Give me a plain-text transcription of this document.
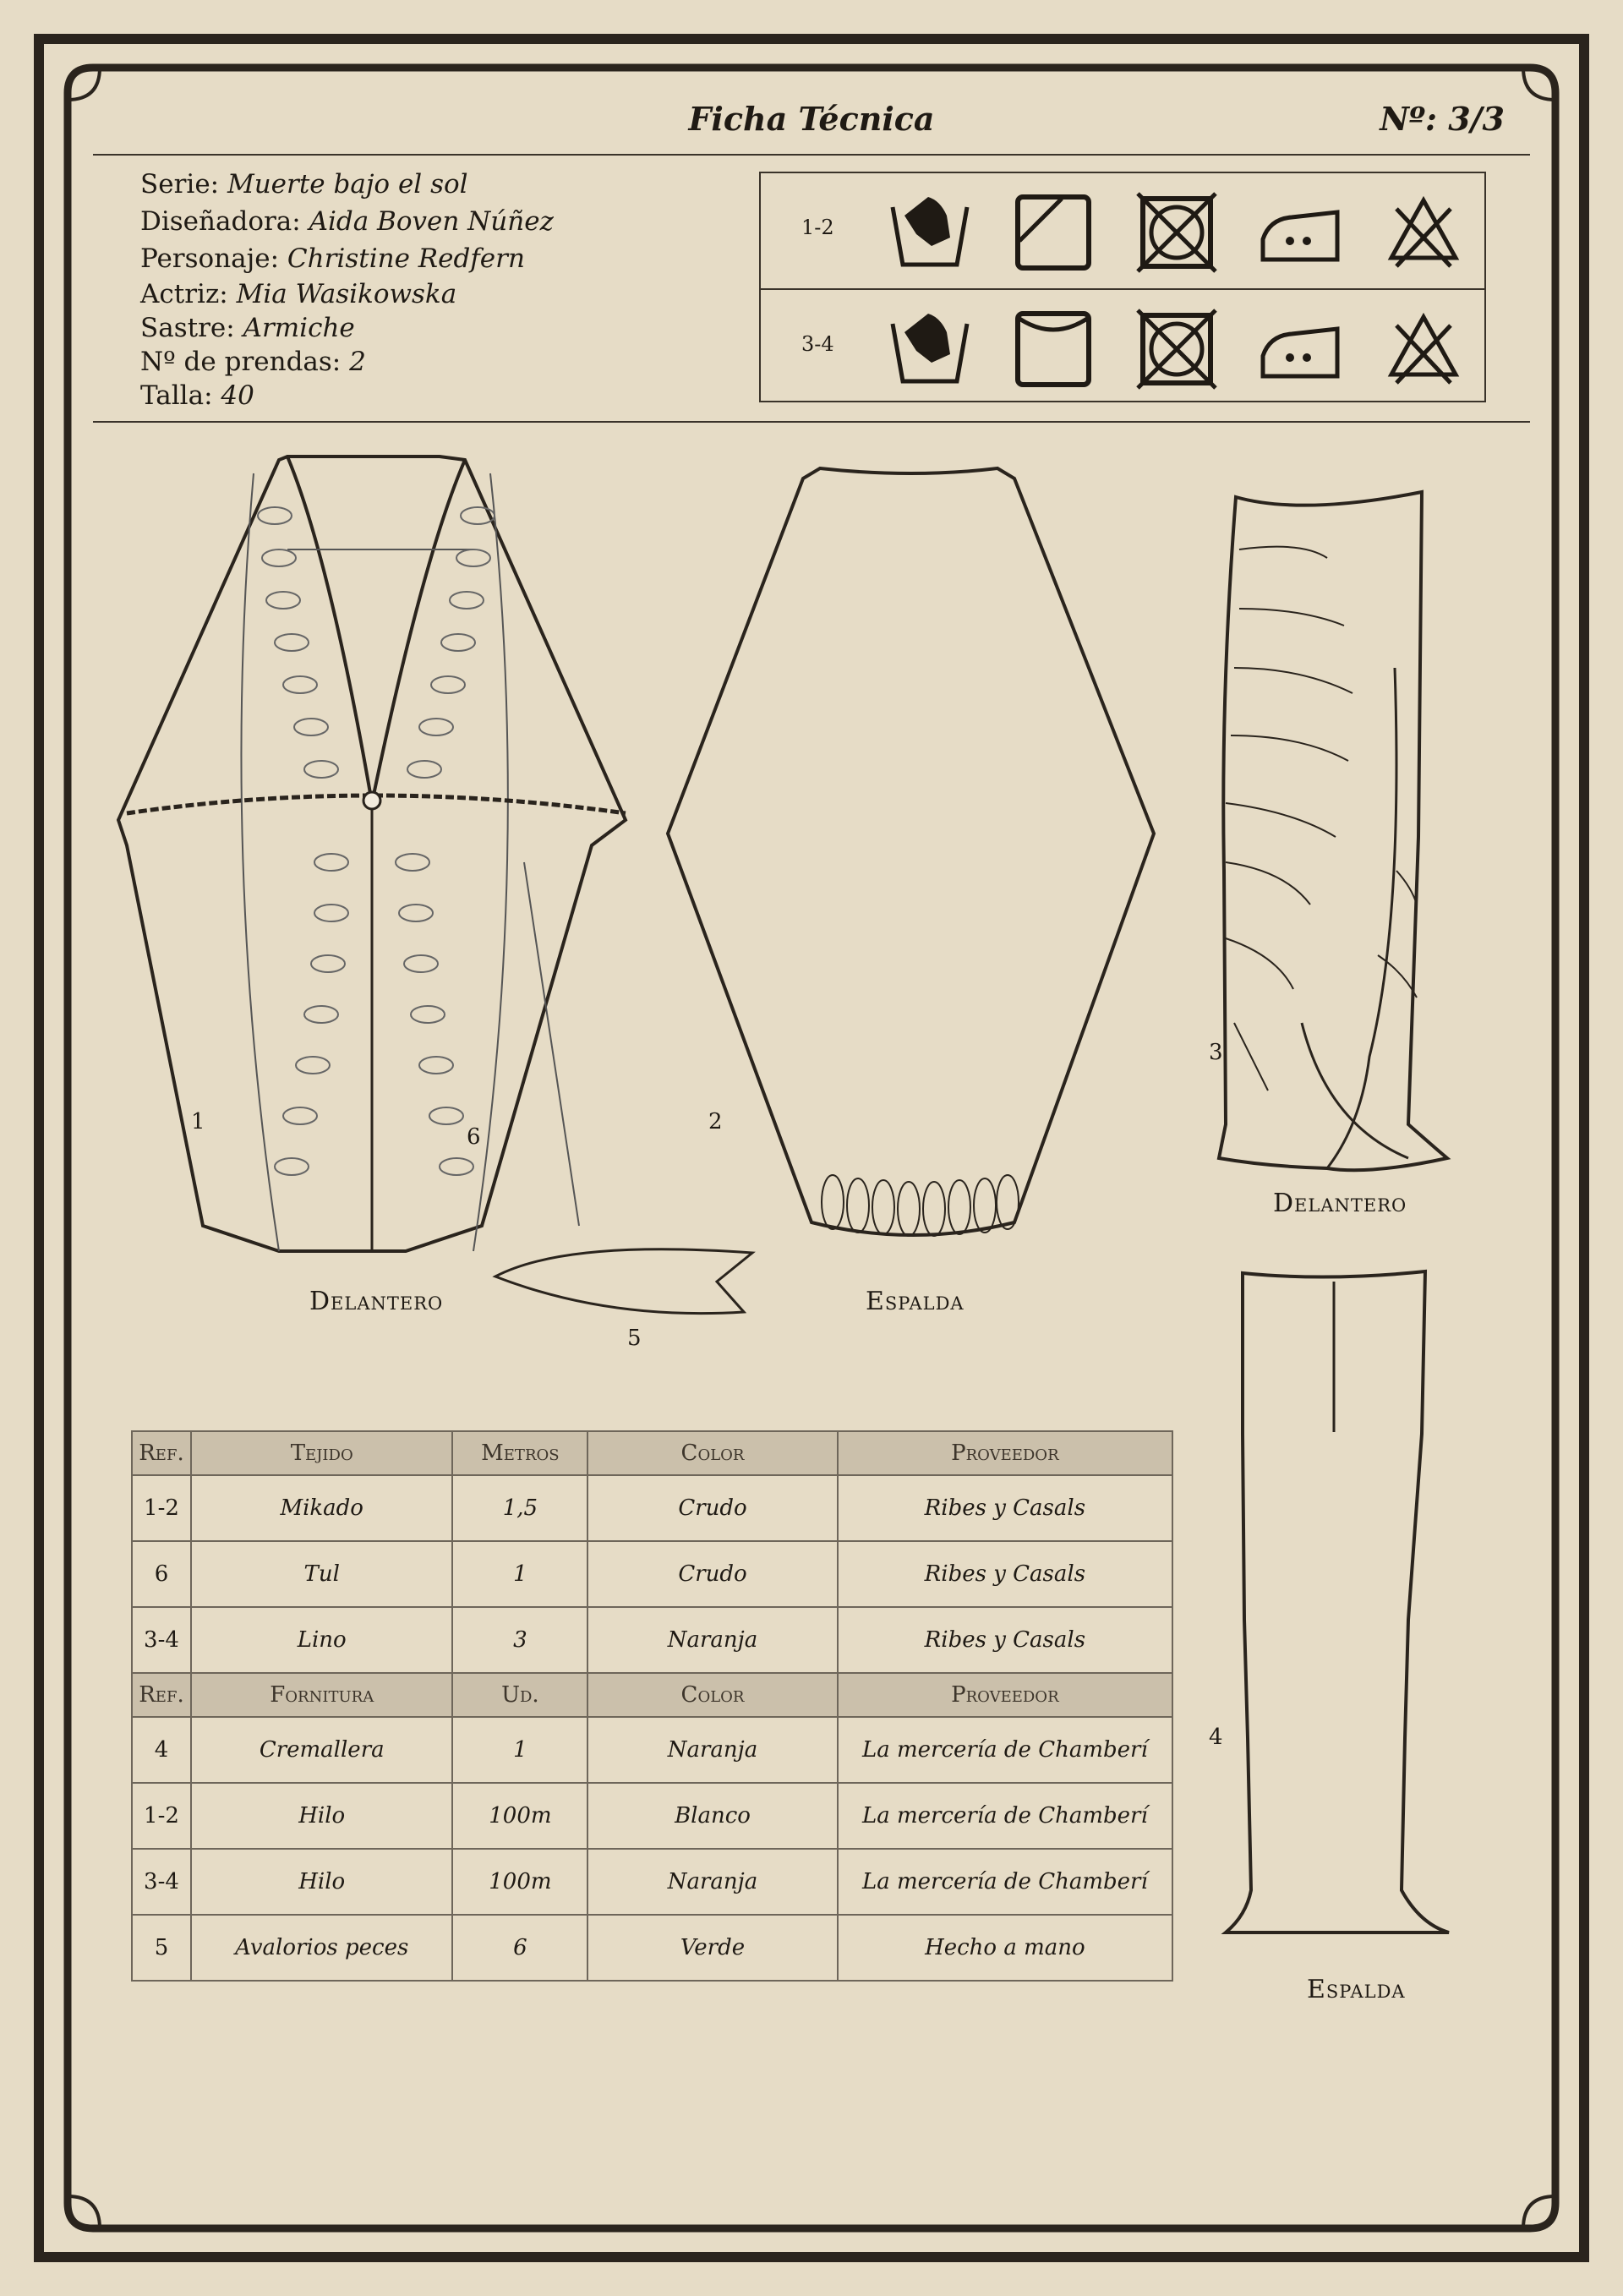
Ficha Técnica	Nº: 3/3
Serie: Muerte bajo el sol
Diseñadora: Aida Boven Núñez
Personaje: Christine Redfern
Actriz: Mia Wasikowska
Sastre: Armiche
Nº de prendas: 2
Talla: 40
1-2
3-4
Delantero	Espalda
Delantero
Espalda
1
6
2
5
3
4
Ref.	Tejido	Metros	Color	Proveedor
1-2	Mikado	1,5	Crudo	Ribes y Casals
6	Tul	1	Crudo	Ribes y Casals
3-4	Lino	3	Naranja	Ribes y Casals
Ref.	Fornitura	Ud.	Color	Proveedor
4	Cremallera	1	Naranja	La mercería de Chamberí
1-2	Hilo	100m	Blanco	La mercería de Chamberí
3-4	Hilo	100m	Naranja	La mercería de Chamberí
5	Avalorios peces	6	Verde	Hecho a mano
